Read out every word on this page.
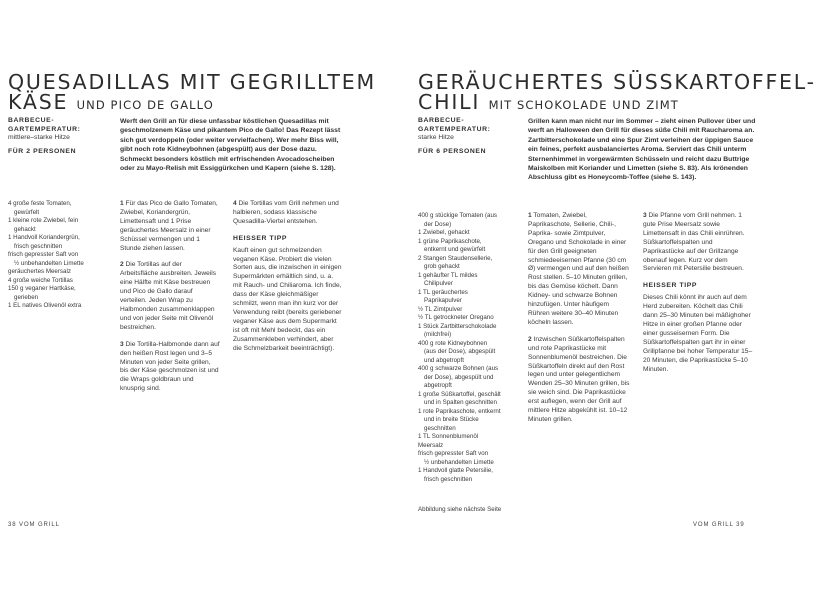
QUESADILLAS MIT GEGRILLTEM
KÄSE UND PICO DE GALLO
BARBECUE-
GARTEMPERATUR:
mittlere–starke Hitze
FÜR 2 PERSONEN
Werft den Grill an für diese unfassbar köstlichen Quesadillas mit geschmolzenem Käse und pikantem Pico de Gallo! Das Rezept lässt sich gut verdoppeln (oder weiter vervielfachen). Wer mehr Biss will, gibt noch rote Kidneybohnen (abgespült) aus der Dose dazu. Schmeckt besonders köstlich mit erfrischenden Avocadoscheiben oder zu Mayo-Relish mit Essiggürkchen und Kapern (siehe S. 128).
4 große feste Tomaten,
gewürfelt
1 kleine rote Zwiebel, fein
gehackt
1 Handvoll Koriandergrün,
frisch geschnitten
frisch gepresster Saft von
½ unbehandelten Limette
geräuchertes Meersalz
4 große weiche Tortillas
150 g veganer Hartkäse,
gerieben
1 EL natives Olivenöl extra
1 Für das Pico de Gallo Tomaten, Zwiebel, Koriandergrün, Limettensaft und 1 Prise geräuchertes Meersalz in einer Schüssel vermengen und 1 Stunde ziehen lassen.
2 Die Tortillas auf der Arbeitsfläche ausbreiten. Jeweils eine Hälfte mit Käse bestreuen und Pico de Gallo darauf verteilen. Jeden Wrap zu Halbmonden zusammenklappen und von jeder Seite mit Olivenöl bestreichen.
3 Die Tortilla-Halbmonde dann auf den heißen Rost legen und 3–5 Minuten von jeder Seite grillen, bis der Käse geschmolzen ist und die Wraps goldbraun und knusprig sind.
4 Die Tortillas vom Grill nehmen und halbieren, sodass klassische Quesadilla-Viertel entstehen.
HEISSER TIPP
Kauft einen gut schmelzenden veganen Käse. Probiert die vielen Sorten aus, die inzwischen in einigen Supermärkten erhältlich sind, u. a. mit Rauch- und Chiliaroma. Ich finde, dass der Käse gleichmäßiger schmilzt, wenn man ihn kurz vor der Verwendung reibt (bereits geriebener veganer Käse aus dem Supermarkt ist oft mit Mehl bedeckt, das ein Zusammenkleben verhindert, aber die Schmelzbarkeit beeinträchtigt).
38 VOM GRILL
GERÄUCHERTES SÜSSKARTOFFEL-
CHILI MIT SCHOKOLADE UND ZIMT
BARBECUE-
GARTEMPERATUR:
starke Hitze
FÜR 6 PERSONEN
Grillen kann man nicht nur im Sommer – zieht einen Pullover über und werft an Halloween den Grill für dieses süße Chili mit Raucharoma an. Zartbitterschokolade und eine Spur Zimt verleihen der üppigen Sauce ein feines, perfekt ausbalanciertes Aroma. Serviert das Chili unterm Sternenhimmel in vorgewärmten Schüsseln und reicht dazu Buttrige Maiskolben mit Koriander und Limetten (siehe S. 83). Als krönenden Abschluss gibt es Honeycomb-Toffee (siehe S. 143).
400 g stückige Tomaten (aus
der Dose)
1 Zwiebel, gehackt
1 grüne Paprikaschote,
entkernt und gewürfelt
2 Stangen Staudensellerie,
grob gehackt
1 gehäufter TL mildes
Chilipulver
1 TL geräuchertes
Paprikapulver
½ TL Zimtpulver
½ TL getrockneter Oregano
1 Stück Zartbitterschokolade
(milchfrei)
400 g rote Kidneybohnen
(aus der Dose), abgespült
und abgetropft
400 g schwarze Bohnen (aus
der Dose), abgespült und
abgetropft
1 große Süßkartoffel, geschält
und in Spalten geschnitten
1 rote Paprikaschote, entkernt
und in breite Stücke
geschnitten
1 TL Sonnenblumenöl
Meersalz
frisch gepresster Saft von
½ unbehandelten Limette
1 Handvoll glatte Petersilie,
frisch geschnitten
Abbildung siehe nächste Seite
1 Tomaten, Zwiebel, Paprikaschote, Sellerie, Chili-, Paprika- sowie Zimtpulver, Oregano und Schokolade in einer für den Grill geeigneten schmiedeeisernen Pfanne (30 cm Ø) vermengen und auf den heißen Rost stellen. 5–10 Minuten grillen, bis das Gemüse köchelt. Dann Kidney- und schwarze Bohnen hinzufügen. Unter häufigem Rühren weitere 30–40 Minuten köcheln lassen.
2 Inzwischen Süßkartoffelspalten und rote Paprikastücke mit Sonnenblumenöl bestreichen. Die Süßkartoffeln direkt auf den Rost legen und unter gelegentlichem Wenden 25–30 Minuten grillen, bis sie weich sind. Die Paprikastücke erst auflegen, wenn der Grill auf mittlere Hitze abgekühlt ist. 10–12 Minuten grillen.
3 Die Pfanne vom Grill nehmen. 1 gute Prise Meersalz sowie Limettensaft in das Chili einrühren. Süßkartoffelspalten und Paprikastücke auf der Grillzange obenauf legen. Kurz vor dem Servieren mit Petersilie bestreuen.
HEISSER TIPP
Dieses Chili könnt ihr auch auf dem Herd zubereiten. Köchelt das Chili dann 25–30 Minuten bei mäßighoher Hitze in einer großen Pfanne oder einer gusseisernen Form. Die Süßkartoffelspalten gart ihr in einer Grillpfanne bei hoher Temperatur 15–20 Minuten, die Paprikastücke 5–10 Minuten.
VOM GRILL 39
